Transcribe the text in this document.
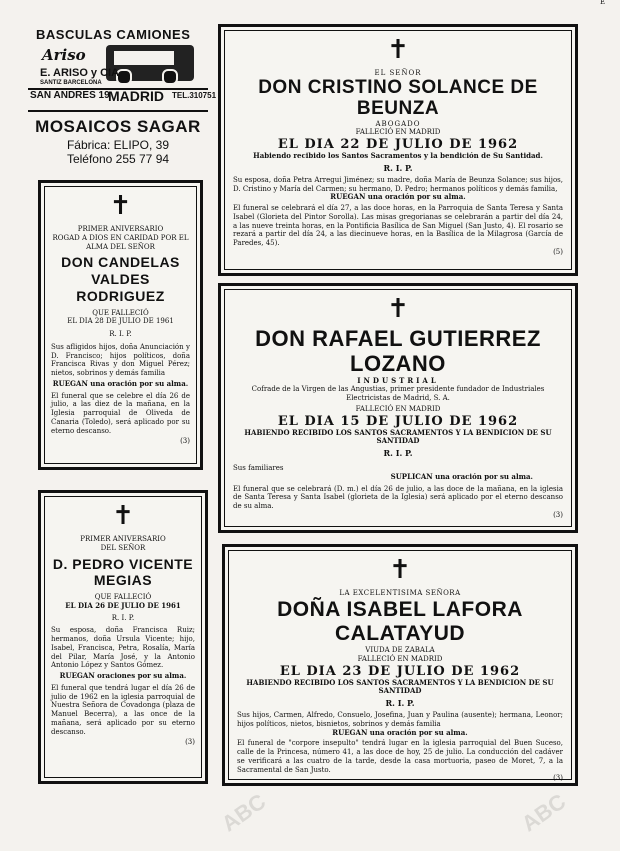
E
BASCULAS CAMIONES
Ariso
E. ARISO y CIA
SANTIZ BARCELONA
SAN ANDRES 19
MADRID TEL.310751
MOSAICOS SAGAR
Fábrica: ELIPO, 39
Teléfono 255 77 94
✝

PRIMER ANIVERSARIO

ROGAD A DIOS EN CARIDAD POR EL ALMA DEL SEÑOR

DON CANDELAS VALDES RODRIGUEZ

QUE FALLECIÓ

EL DIA 28 DE JULIO DE 1961

R. I. P.

Sus afligidos hijos, doña Anunciación y D. Francisco; hijos políticos, doña Francisca Rivas y don Miguel Pérez; nietos, sobrinos y demás familia

RUEGAN una oración por su alma.

El funeral que se celebre el día 26 de julio, a las diez de la mañana, en la Iglesia parroquial de Oliveda de Canaria (Toledo), será aplicado por su eterno descanso.

(3)

✝

PRIMER ANIVERSARIO

DEL SEÑOR

D. PEDRO VICENTE MEGIAS

QUE FALLECIÓ

EL DIA 26 DE JULIO DE 1961

R. I. P.

Su esposa, doña Francisca Ruiz; hermanos, doña Ursula Vicente; hijo, Isabel, Francisca, Petra, Rosalía, María del Pilar, María José, y la Antonio Antonio López y Santos Gómez.

RUEGAN oraciones por su alma.

El funeral que tendrá lugar el día 26 de julio de 1962 en la iglesia parroquial de Nuestra Señora de Covadonga (plaza de Manuel Becerra), a las once de la mañana, será aplicado por su eterno descanso.

(3)

✝

EL SEÑOR

DON CRISTINO SOLANCE DE BEUNZA

ABOGADO

FALLECIÓ EN MADRID

EL DIA 22 DE JULIO DE 1962

Habiendo recibido los Santos Sacramentos y la bendición de Su Santidad.

R. I. P.

Su esposa, doña Petra Arregui Jiménez; su madre, doña María de Beunza Solance; sus hijos, D. Cristino y María del Carmen; su hermano, D. Pedro; hermanos políticos y demás familia,

RUEGAN una oración por su alma.

El funeral se celebrará el día 27, a las doce horas, en la Parroquia de Santa Teresa y Santa Isabel (Glorieta del Pintor Sorolla). Las misas gregorianas se celebrarán a partir del día 24, a las nueve treinta horas, en la Pontificia Basílica de San Miguel (San Justo, 4). El rosario se rezará a partir del día 24, a las diecinueve horas, en la Basílica de la Milagrosa (García de Paredes, 45).

(5)

✝

DON RAFAEL GUTIERREZ LOZANO

INDUSTRIAL

Cofrade de la Virgen de las Angustias, primer presidente fundador de Industriales Electricistas de Madrid, S. A.

FALLECIÓ EN MADRID

EL DIA 15 DE JULIO DE 1962

HABIENDO RECIBIDO LOS SANTOS SACRAMENTOS Y LA BENDICION DE SU SANTIDAD

R. I. P.

Sus familiares

SUPLICAN una oración por su alma.

El funeral que se celebrará (D. m.) el día 26 de julio, a las doce de la mañana, en la iglesia de Santa Teresa y Santa Isabel (glorieta de la Iglesia) será aplicado por el eterno descanso de su alma.

(3)

✝

LA EXCELENTISIMA SEÑORA

DOÑA ISABEL LAFORA CALATAYUD

VIUDA DE ZABALA

FALLECIÓ EN MADRID

EL DIA 23 DE JULIO DE 1962

HABIENDO RECIBIDO LOS SANTOS SACRAMENTOS Y LA BENDICION DE SU SANTIDAD

R. I. P.

Sus hijos, Carmen, Alfredo, Consuelo, Josefina, Juan y Paulina (ausente); hermana, Leonor; hijos políticos, nietos, bisnietos, sobrinos y demás familia

RUEGAN una oración por su alma.

El funeral de "corpore insepulto" tendrá lugar en la iglesia parroquial del Buen Suceso, calle de la Princesa, número 41, a las doce de hoy, 25 de julio. La conducción del cadáver se verificará a las cuatro de la tarde, desde la casa mortuoria, paseo de Moret, 7, a la Sacramental de San Justo.

(3)

ABC	ABC
